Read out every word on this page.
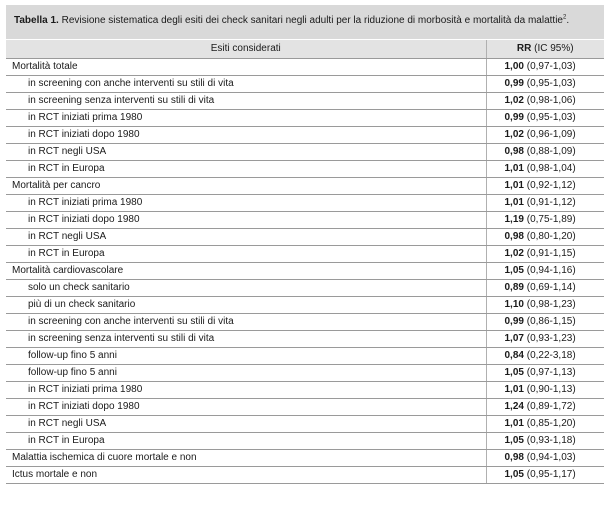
Tabella 1. Revisione sistematica degli esiti dei check sanitari negli adulti per la riduzione di morbosità e mortalità da malattie$^2$.
Esiti considerati	RR (IC 95%)
Mortalità totale	1,00 (0,97-1,03)
in screening con anche interventi su stili di vita	0,99 (0,95-1,03)
in screening senza interventi su stili di vita	1,02 (0,98-1,06)
in RCT iniziati prima 1980	0,99 (0,95-1,03)
in RCT iniziati dopo 1980	1,02 (0,96-1,09)
in RCT negli USA	0,98 (0,88-1,09)
in RCT in Europa	1,01 (0,98-1,04)
Mortalità per cancro	1,01 (0,92-1,12)
in RCT iniziati prima 1980	1,01 (0,91-1,12)
in RCT iniziati dopo 1980	1,19 (0,75-1,89)
in RCT negli USA	0,98 (0,80-1,20)
in RCT in Europa	1,02 (0,91-1,15)
Mortalità cardiovascolare	1,05 (0,94-1,16)
solo un check sanitario	0,89 (0,69-1,14)
più di un check sanitario	1,10 (0,98-1,23)
in screening con anche interventi su stili di vita	0,99 (0,86-1,15)
in screening senza interventi su stili di vita	1,07 (0,93-1,23)
follow-up fino 5 anni	0,84 (0,22-3,18)
follow-up fino 5 anni	1,05 (0,97-1,13)
in RCT iniziati prima 1980	1,01 (0,90-1,13)
in RCT iniziati dopo 1980	1,24 (0,89-1,72)
in RCT negli USA	1,01 (0,85-1,20)
in RCT in Europa	1,05 (0,93-1,18)
Malattia ischemica di cuore mortale e non	0,98 (0,94-1,03)
Ictus mortale e non	1,05 (0,95-1,17)
